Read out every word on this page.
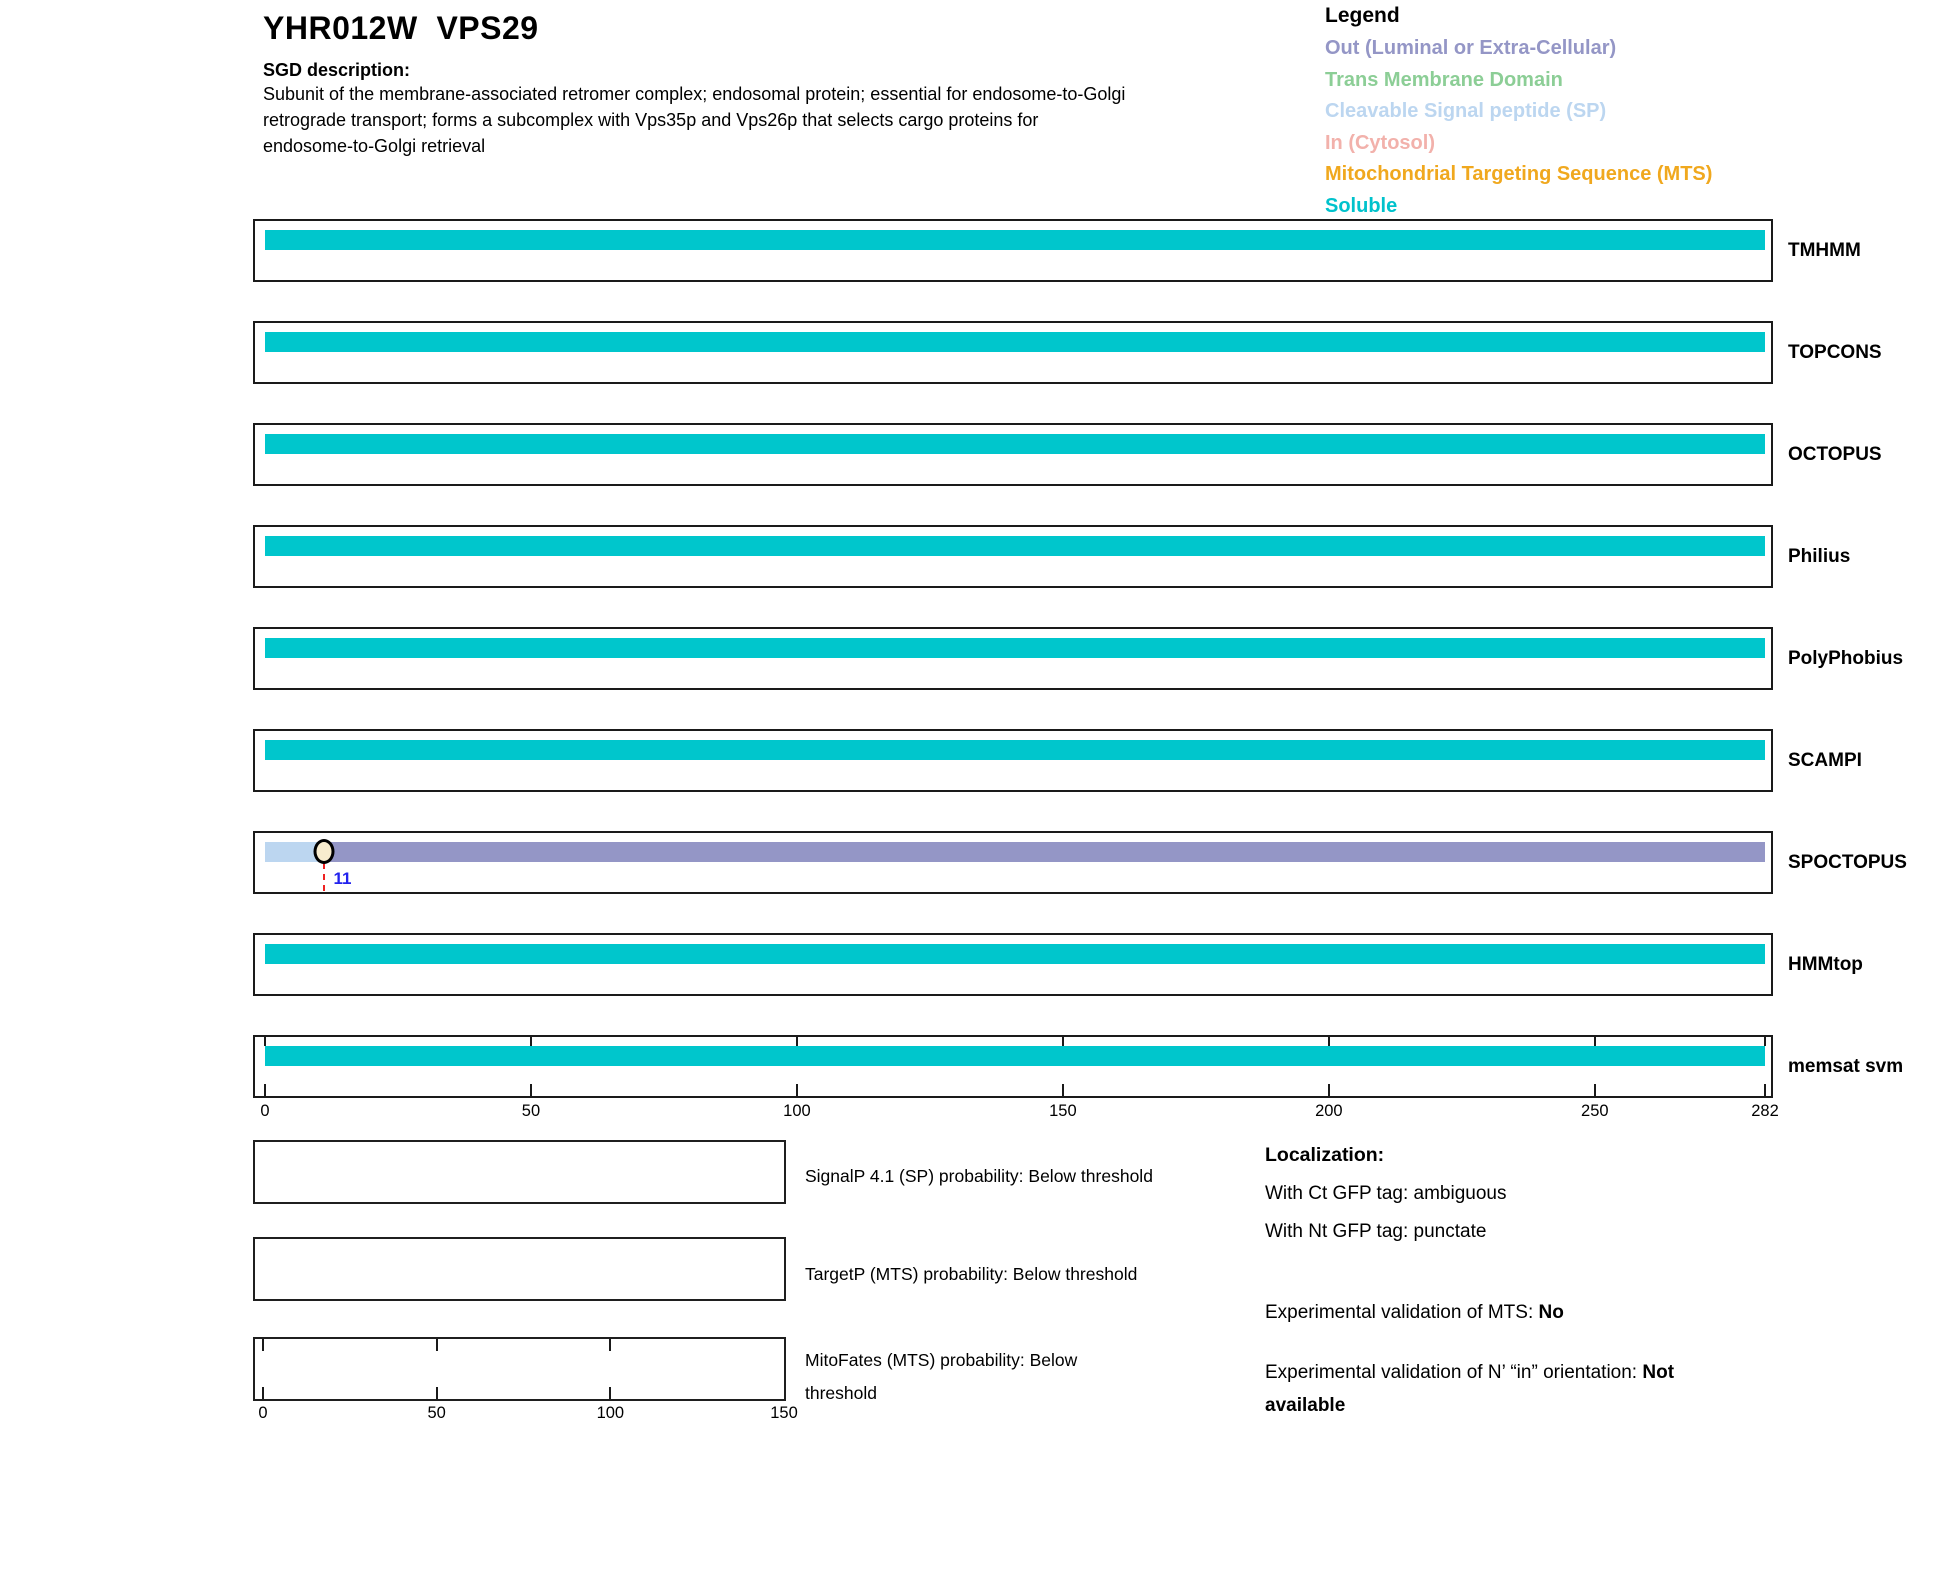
YHR012W  VPS29
SGD description:
Subunit of the membrane-associated retromer complex; endosomal protein; essential for endosome-to-Golgi
retrograde transport; forms a subcomplex with Vps35p and Vps26p that selects cargo proteins for
endosome-to-Golgi retrieval
Legend
Out (Luminal or Extra-Cellular)
Trans Membrane Domain
Cleavable Signal peptide (SP)
In (Cytosol)
Mitochondrial Targeting Sequence (MTS)
Soluble
TMHMM
TOPCONS
OCTOPUS
Philius
PolyPhobius
SCAMPI
11
SPOCTOPUS
HMMtop
memsat svm
0	50	100	150	200	250	282
SignalP 4.1 (SP) probability: Below threshold
TargetP (MTS) probability: Below threshold
MitoFates (MTS) probability: Below threshold
0	50	100	150
Localization:
With Ct GFP tag: ambiguous
With Nt GFP tag: punctate
Experimental validation of MTS: No
Experimental validation of N’ “in” orientation: Not available
